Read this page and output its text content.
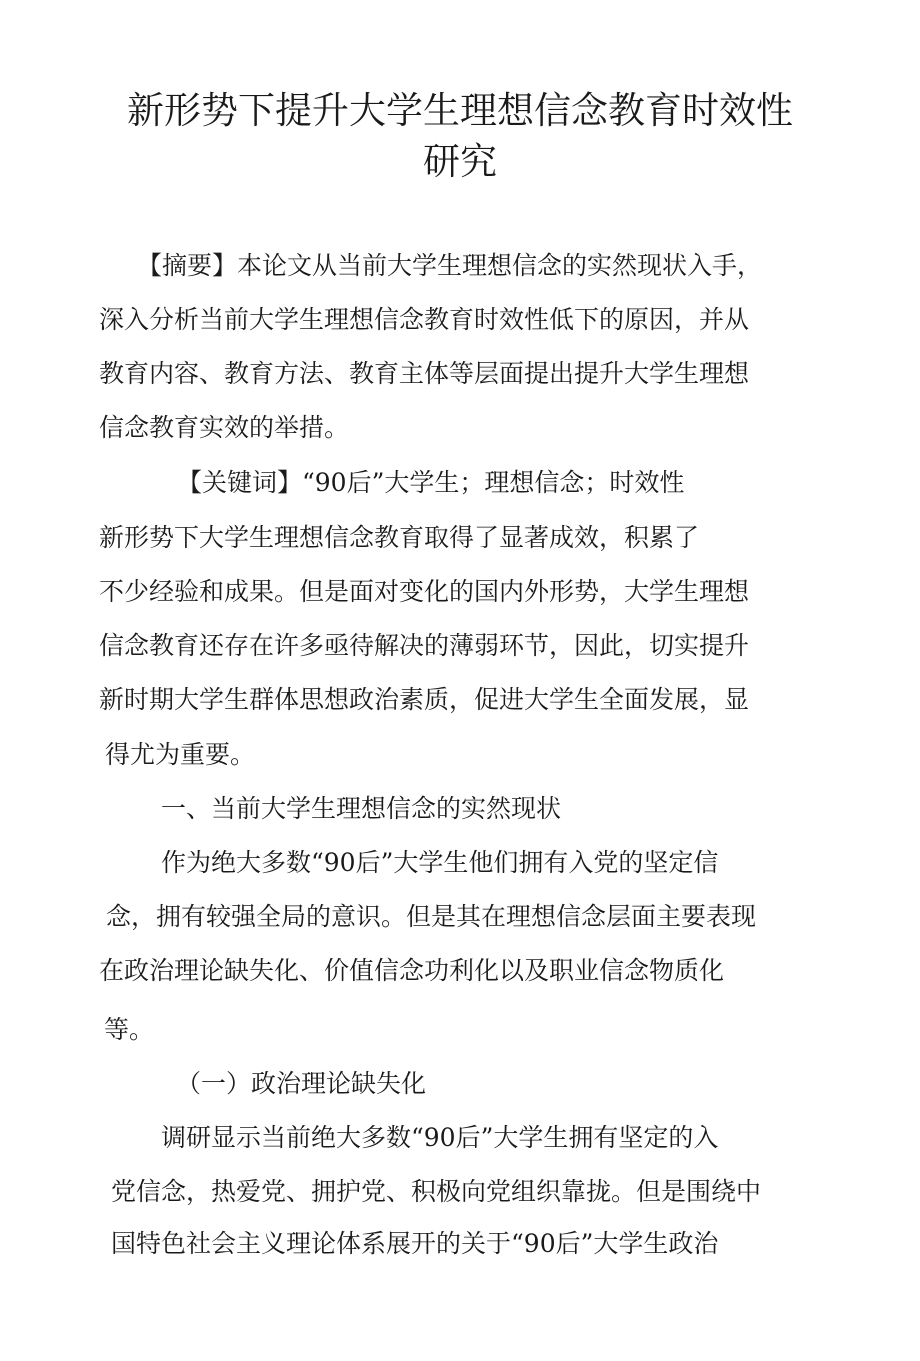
新形势下提升大学生理想信念教育时效性
研究
【摘要】本论文从当前大学生理想信念的实然现状入手，
深入分析当前大学生理想信念教育时效性低下的原因，并从
教育内容、教育方法、教育主体等层面提出提升大学生理想
信念教育实效的举措。
【关键词】“90后”大学生；理想信念；时效性
新形势下大学生理想信念教育取得了显著成效，积累了
不少经验和成果。但是面对变化的国内外形势，大学生理想
信念教育还存在许多亟待解决的薄弱环节，因此，切实提升
新时期大学生群体思想政治素质，促进大学生全面发展，显
得尤为重要。
一、当前大学生理想信念的实然现状
作为绝大多数“90后”大学生他们拥有入党的坚定信
念，拥有较强全局的意识。但是其在理想信念层面主要表现
在政治理论缺失化、价值信念功利化以及职业信念物质化
等。
（一）政治理论缺失化
调研显示当前绝大多数“90后”大学生拥有坚定的入
党信念，热爱党、拥护党、积极向党组织靠拢。但是围绕中
国特色社会主义理论体系展开的关于“90后”大学生政治
